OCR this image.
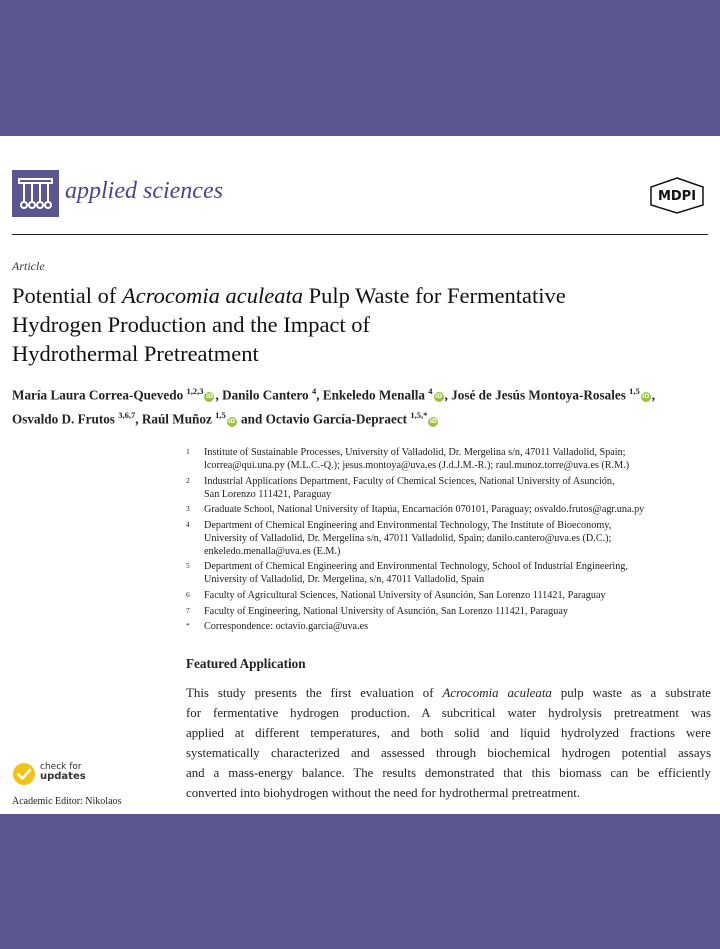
applied sciences	MDPI
Article
Potential of Acrocomia aculeata Pulp Waste for Fermentative
Hydrogen Production and the Impact of
Hydrothermal Pretreatment
María Laura Correa-Quevedo $^{1,2,3}$iD , Danilo Cantero $^4$, Enkeledo Menalla $^4$iD , José de Jesús Montoya-Rosales $^{1,5}$iD ,
Osvaldo D. Frutos $^{3,6,7}$, Raúl Muñoz $^{1,5}$iD and Octavio García-Depraect $^{1,5,*}$iD
1 Institute of Sustainable Processes, University of Valladolid, Dr. Mergelina s/n, 47011 Valladolid, Spain;
lcorrea@qui.una.py (M.L.C.-Q.); jesus.montoya@uva.es (J.d.J.M.-R.); raul.munoz.torre@uva.es (R.M.)
2 Industrial Applications Department, Faculty of Chemical Sciences, National University of Asunción,
San Lorenzo 111421, Paraguay
3 Graduate School, National University of Itapúa, Encarnación 070101, Paraguay; osvaldo.frutos@agr.una.py
4 Department of Chemical Engineering and Environmental Technology, The Institute of Bioeconomy,
University of Valladolid, Dr. Mergelina s/n, 47011 Valladolid, Spain; danilo.cantero@uva.es (D.C.);
enkeledo.menalla@uva.es (E.M.)
5 Department of Chemical Engineering and Environmental Technology, School of Industrial Engineering,
University of Valladolid, Dr. Mergelina, s/n, 47011 Valladolid, Spain
6 Faculty of Agricultural Sciences, National University of Asunción, San Lorenzo 111421, Paraguay
7 Faculty of Engineering, National University of Asunción, San Lorenzo 111421, Paraguay
* Correspondence: octavio.garcia@uva.es
Featured Application
This study presents the first evaluation of Acrocomia aculeata pulp waste as a substrate
for fermentative hydrogen production. A subcritical water hydrolysis pretreatment was
applied at different temperatures, and both solid and liquid hydrolyzed fractions were
systematically characterized and assessed through biochemical hydrogen potential assays
and a mass-energy balance. The results demonstrated that this biomass can be efficiently
converted into biohydrogen without the need for hydrothermal pretreatment.
check for
updates
Academic Editor: Nikolaos
